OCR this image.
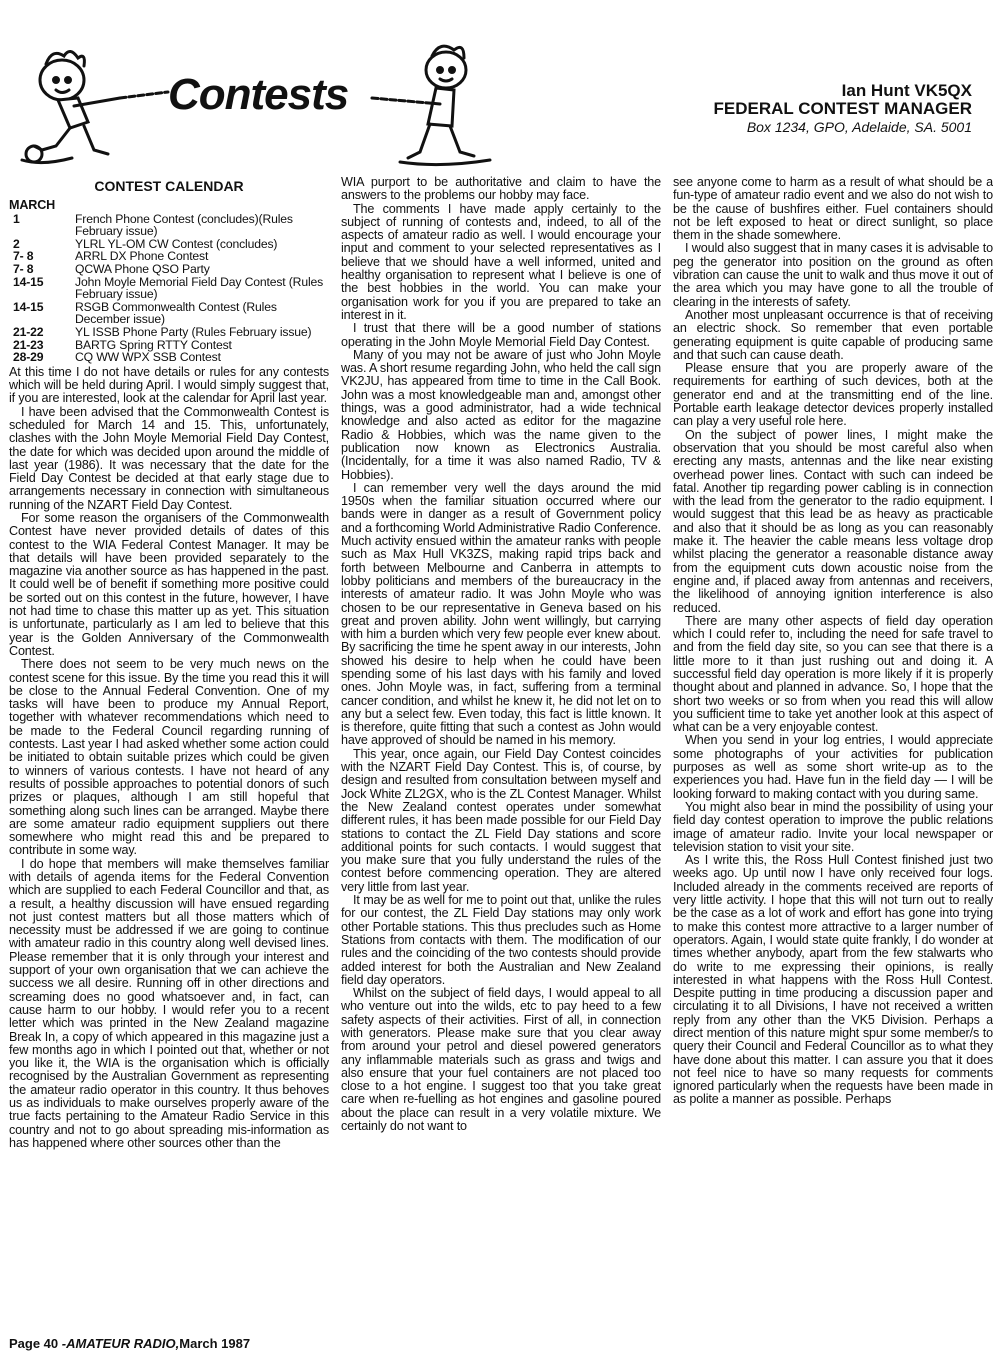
Contests	Ian Hunt VK5QX
FEDERAL CONTEST MANAGER
Box 1234, GPO, Adelaide, SA. 5001
CONTEST CALENDAR
MARCH
1	French Phone Contest (concludes)(Rules February issue)
2	YLRL YL-OM CW Contest (concludes)
7- 8	ARRL DX Phone Contest
7- 8	QCWA Phone QSO Party
14-15	John Moyle Memorial Field Day Contest (Rules February issue)
14-15	RSGB Commonwealth Contest (Rules December issue)
21-22	YL ISSB Phone Party (Rules February issue)
21-23	BARTG Spring RTTY Contest
28-29	CQ WW WPX SSB Contest

At this time I do not have details or rules for any contests which will be held during April. I would simply suggest that, if you are interested, look at the calendar for April last year.

I have been advised that the Commonwealth Contest is scheduled for March 14 and 15. This, unfortunately, clashes with the John Moyle Memorial Field Day Contest, the date for which was decided upon around the middle of last year (1986). It was necessary that the date for the Field Day Contest be decided at that early stage due to arrangements necessary in connection with simultaneous running of the NZART Field Day Contest.

For some reason the organisers of the Commonwealth Contest have never provided details of dates of this contest to the WIA Federal Contest Manager. It may be that details will have been provided separately to the magazine via another source as has happened in the past. It could well be of benefit if something more positive could be sorted out on this contest in the future, however, I have not had time to chase this matter up as yet. This situation is unfortunate, particularly as I am led to believe that this year is the Golden Anniversary of the Commonwealth Contest.

There does not seem to be very much news on the contest scene for this issue. By the time you read this it will be close to the Annual Federal Convention. One of my tasks will have been to produce my Annual Report, together with whatever recommendations which need to be made to the Federal Council regarding running of contests. Last year I had asked whether some action could be initiated to obtain suitable prizes which could be given to winners of various contests. I have not heard of any results of possible approaches to potential donors of such prizes or plaques, although I am still hopeful that something along such lines can be arranged. Maybe there are some amateur radio equipment suppliers out there somewhere who might read this and be prepared to contribute in some way.

I do hope that members will make themselves familiar with details of agenda items for the Federal Convention which are supplied to each Federal Councillor and that, as a result, a healthy discussion will have ensued regarding not just contest matters but all those matters which of necessity must be addressed if we are going to continue with amateur radio in this country along well devised lines. Please remember that it is only through your interest and support of your own organisation that we can achieve the success we all desire. Running off in other directions and screaming does no good whatsoever and, in fact, can cause harm to our hobby. I would refer you to a recent letter which was printed in the New Zealand magazine Break In, a copy of which appeared in this magazine just a few months ago in which I pointed out that, whether or not you like it, the WIA is the organisation which is officially recognised by the Australian Government as representing the amateur radio operator in this country. It thus behoves us as individuals to make ourselves properly aware of the true facts pertaining to the Amateur Radio Service in this country and not to go about spreading mis-information as has happened where other sources other than the

WIA purport to be authoritative and claim to have the answers to the problems our hobby may face.

The comments I have made apply certainly to the subject of running of contests and, indeed, to all of the aspects of amateur radio as well. I would encourage your input and comment to your selected representatives as I believe that we should have a well informed, united and healthy organisation to represent what I believe is one of the best hobbies in the world. You can make your organisation work for you if you are prepared to take an interest in it.

I trust that there will be a good number of stations operating in the John Moyle Memorial Field Day Contest.

Many of you may not be aware of just who John Moyle was. A short resume regarding John, who held the call sign VK2JU, has appeared from time to time in the Call Book. John was a most knowledgeable man and, amongst other things, was a good administrator, had a wide technical knowledge and also acted as editor for the magazine Radio & Hobbies, which was the name given to the publication now known as Electronics Australia. (Incidentally, for a time it was also named Radio, TV & Hobbies).

I can remember very well the days around the mid 1950s when the familiar situation occurred where our bands were in danger as a result of Government policy and a forthcoming World Administrative Radio Conference. Much activity ensued within the amateur ranks with people such as Max Hull VK3ZS, making rapid trips back and forth between Melbourne and Canberra in attempts to lobby politicians and members of the bureaucracy in the interests of amateur radio. It was John Moyle who was chosen to be our representative in Geneva based on his great and proven ability. John went willingly, but carrying with him a burden which very few people ever knew about. By sacrificing the time he spent away in our interests, John showed his desire to help when he could have been spending some of his last days with his family and loved ones. John Moyle was, in fact, suffering from a terminal cancer condition, and whilst he knew it, he did not let on to any but a select few. Even today, this fact is little known. It is therefore, quite fitting that such a contest as John would have approved of should be named in his memory.

This year, once again, our Field Day Contest coincides with the NZART Field Day Contest. This is, of course, by design and resulted from consultation between myself and Jock White ZL2GX, who is the ZL Contest Manager. Whilst the New Zealand contest operates under somewhat different rules, it has been made possible for our Field Day stations to contact the ZL Field Day stations and score additional points for such contacts. I would suggest that you make sure that you fully understand the rules of the contest before commencing operation. They are altered very little from last year.

It may be as well for me to point out that, unlike the rules for our contest, the ZL Field Day stations may only work other Portable stations. This thus precludes such as Home Stations from contacts with them. The modification of our rules and the coinciding of the two contests should provide added interest for both the Australian and New Zealand field day operators.

Whilst on the subject of field days, I would appeal to all who venture out into the wilds, etc to pay heed to a few safety aspects of their activities. First of all, in connection with generators. Please make sure that you clear away from around your petrol and diesel powered generators any inflammable materials such as grass and twigs and also ensure that your fuel containers are not placed too close to a hot engine. I suggest too that you take great care when re-fuelling as hot engines and gasoline poured about the place can result in a very volatile mixture. We certainly do not want to

see anyone come to harm as a result of what should be a fun-type of amateur radio event and we also do not wish to be the cause of bushfires either. Fuel containers should not be left exposed to heat or direct sunlight, so place them in the shade somewhere.

I would also suggest that in many cases it is advisable to peg the generator into position on the ground as often vibration can cause the unit to walk and thus move it out of the area which you may have gone to all the trouble of clearing in the interests of safety.

Another most unpleasant occurrence is that of receiving an electric shock. So remember that even portable generating equipment is quite capable of producing same and that such can cause death.

Please ensure that you are properly aware of the requirements for earthing of such devices, both at the generator end and at the transmitting end of the line. Portable earth leakage detector devices properly installed can play a very useful role here.

On the subject of power lines, I might make the observation that you should be most careful also when erecting any masts, antennas and the like near existing overhead power lines. Contact with such can indeed be fatal. Another tip regarding power cabling is in connection with the lead from the generator to the radio equipment. I would suggest that this lead be as heavy as practicable and also that it should be as long as you can reasonably make it. The heavier the cable means less voltage drop whilst placing the generator a reasonable distance away from the equipment cuts down acoustic noise from the engine and, if placed away from antennas and receivers, the likelihood of annoying ignition interference is also reduced.

There are many other aspects of field day operation which I could refer to, including the need for safe travel to and from the field day site, so you can see that there is a little more to it than just rushing out and doing it. A successful field day operation is more likely if it is properly thought about and planned in advance. So, I hope that the short two weeks or so from when you read this will allow you sufficient time to take yet another look at this aspect of what can be a very enjoyable contest.

When you send in your log entries, I would appreciate some photographs of your activities for publication purposes as well as some short write-up as to the experiences you had. Have fun in the field day — I will be looking forward to making contact with you during same.

You might also bear in mind the possibility of using your field day contest operation to improve the public relations image of amateur radio. Invite your local newspaper or television station to visit your site.

As I write this, the Ross Hull Contest finished just two weeks ago. Up until now I have only received four logs. Included already in the comments received are reports of very little activity. I hope that this will not turn out to really be the case as a lot of work and effort has gone into trying to make this contest more attractive to a larger number of operators. Again, I would state quite frankly, I do wonder at times whether anybody, apart from the few stalwarts who do write to me expressing their opinions, is really interested in what happens with the Ross Hull Contest. Despite putting in time producing a discussion paper and circulating it to all Divisions, I have not received a written reply from any other than the VK5 Division. Perhaps a direct mention of this nature might spur some member/s to query their Council and Federal Councillor as to what they have done about this matter. I can assure you that it does not feel nice to have so many requests for comments ignored particularly when the requests have been made in as polite a manner as possible. Perhaps

Page 40 -AMATEUR RADIO,March 1987
